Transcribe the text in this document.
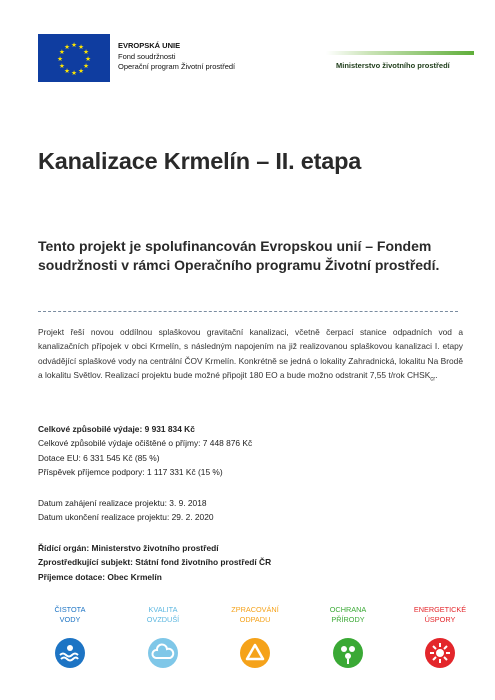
★ ★
★
★
★
★
★
★
★
★
★
★	EVROPSKÁ UNIE
Fond soudržnosti
Operační program Životní prostředí	Ministerstvo životního prostředí
Kanalizace Krmelín – II. etapa
Tento projekt je spolufinancován Evropskou unií – Fondem soudržnosti v rámci Operačního programu Životní prostředí.
Projekt řeší novou oddílnou splaškovou gravitační kanalizaci, včetně čerpací stanice odpadních vod a kanalizačních přípojek v obci Krmelín, s následným napojením na již realizovanou splaškovou kanalizaci I. etapy odvádějící splaškové vody na centrální ČOV Krmelín. Konkrétně se jedná o lokality Zahradnická, lokalitu Na Brodě a lokalitu Světlov. Realizací projektu bude možné připojit 180 EO a bude možno odstranit 7,55 t/rok $CHSK_{cr}$.
Celkové způsobilé výdaje: 9 931 834 Kč
Celkové způsobilé výdaje očištěné o příjmy: 7 448 876 Kč
Dotace EU: 6 331 545 Kč (85 %)
Příspěvek příjemce podpory: 1 117 331 Kč (15 %)
Datum zahájení realizace projektu: 3. 9. 2018
Datum ukončení realizace projektu: 29. 2. 2020
Řídící orgán: Ministerstvo životního prostředí
Zprostředkující subjekt: Státní fond životního prostředí ČR
Příjemce dotace: Obec Krmelín
ČISTOTA
VODY
KVALITA
OVZDUŠÍ
ZPRACOVÁNÍ
ODPADU
OCHRANA
PŘÍRODY
ENERGETICKÉ
ÚSPORY
